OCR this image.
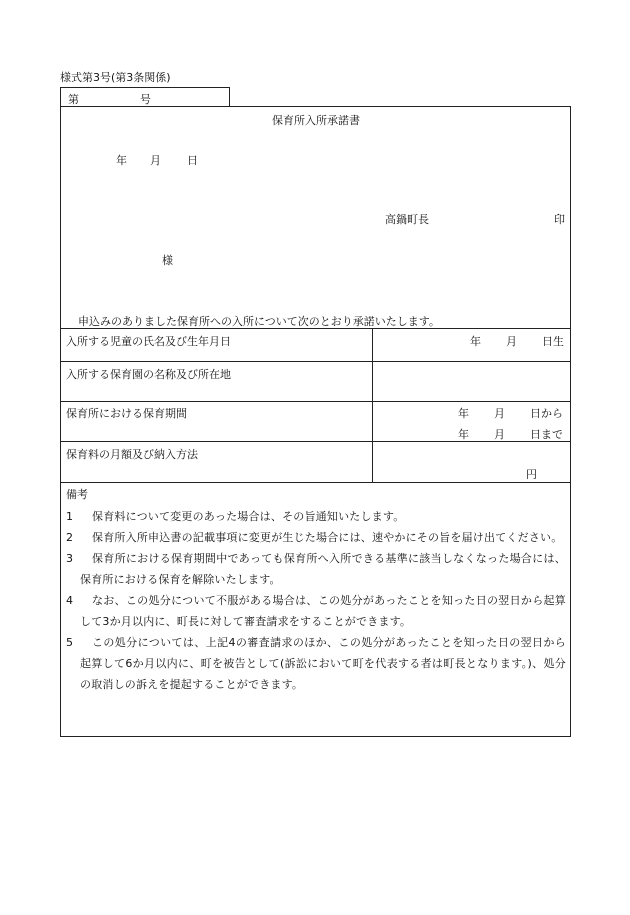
様式第3号(第3条関係)
第	号
保育所入所承諾書
年 月 日
高鍋町長	印
様
申込みのありました保育所への入所について次のとおり承諾いたします。
入所する児童の氏名及び生年月日	年 月 日生
入所する保育園の名称及び所在地
保育所における保育期間	年 月 日から
年 月 日まで
保育料の月額及び納入方法
円
備考
1 保育料について変更のあった場合は、その旨通知いたします。
2 保育所入所申込書の記載事項に変更が生じた場合には、速やかにその旨を届け出てください。
3 保育所における保育期間中であっても保育所へ入所できる基準に該当しなくなった場合には、保育所における保育を解除いたします。
4 なお、この処分について不服がある場合は、この処分があったことを知った日の翌日から起算して3か月以内に、町長に対して審査請求をすることができます。
5 この処分については、上記4の審査請求のほか、この処分があったことを知った日の翌日から起算して6か月以内に、町を被告として(訴訟において町を代表する者は町長となります。)、処分の取消しの訴えを提起することができます。
